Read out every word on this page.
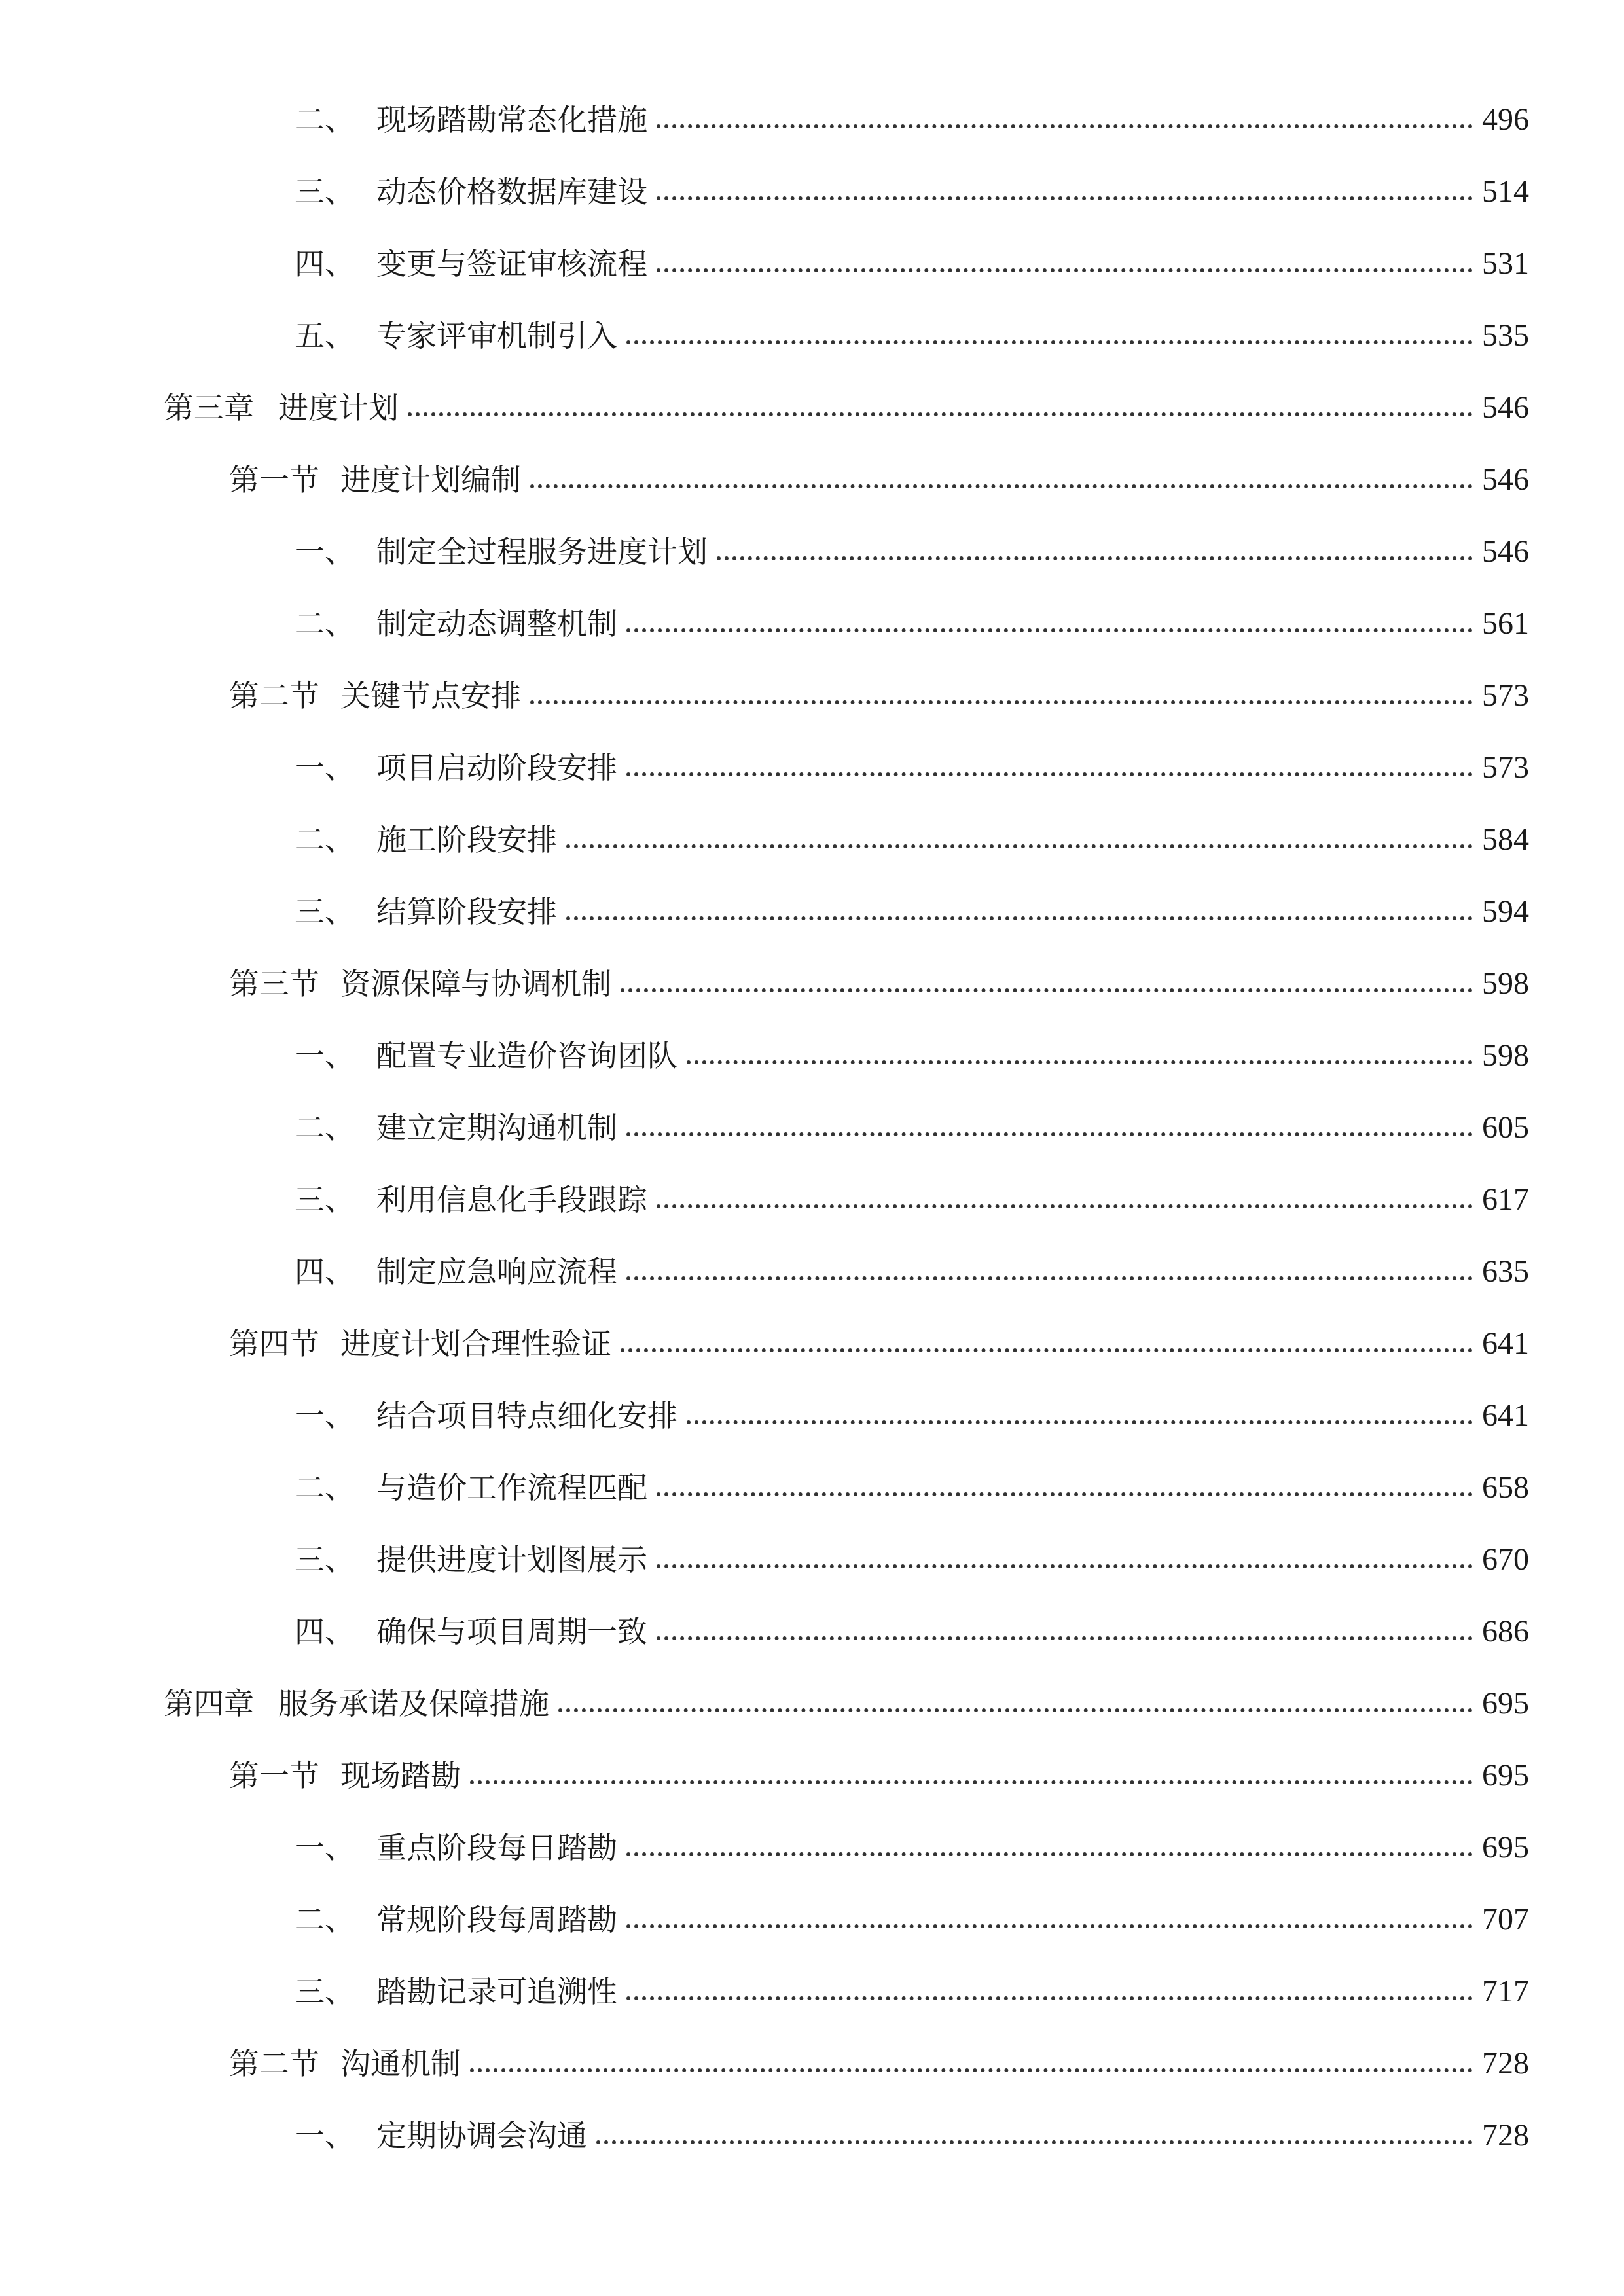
二、 现场踏勘常态化措施	496
三、 动态价格数据库建设	514
四、 变更与签证审核流程	531
五、 专家评审机制引入	535
第三章 进度计划	546
第一节 进度计划编制	546
一、 制定全过程服务进度计划	546
二、 制定动态调整机制	561
第二节 关键节点安排	573
一、 项目启动阶段安排	573
二、 施工阶段安排	584
三、 结算阶段安排	594
第三节 资源保障与协调机制	598
一、 配置专业造价咨询团队	598
二、 建立定期沟通机制	605
三、 利用信息化手段跟踪	617
四、 制定应急响应流程	635
第四节 进度计划合理性验证	641
一、 结合项目特点细化安排	641
二、 与造价工作流程匹配	658
三、 提供进度计划图展示	670
四、 确保与项目周期一致	686
第四章 服务承诺及保障措施	695
第一节 现场踏勘	695
一、 重点阶段每日踏勘	695
二、 常规阶段每周踏勘	707
三、 踏勘记录可追溯性	717
第二节 沟通机制	728
一、 定期协调会沟通	728
